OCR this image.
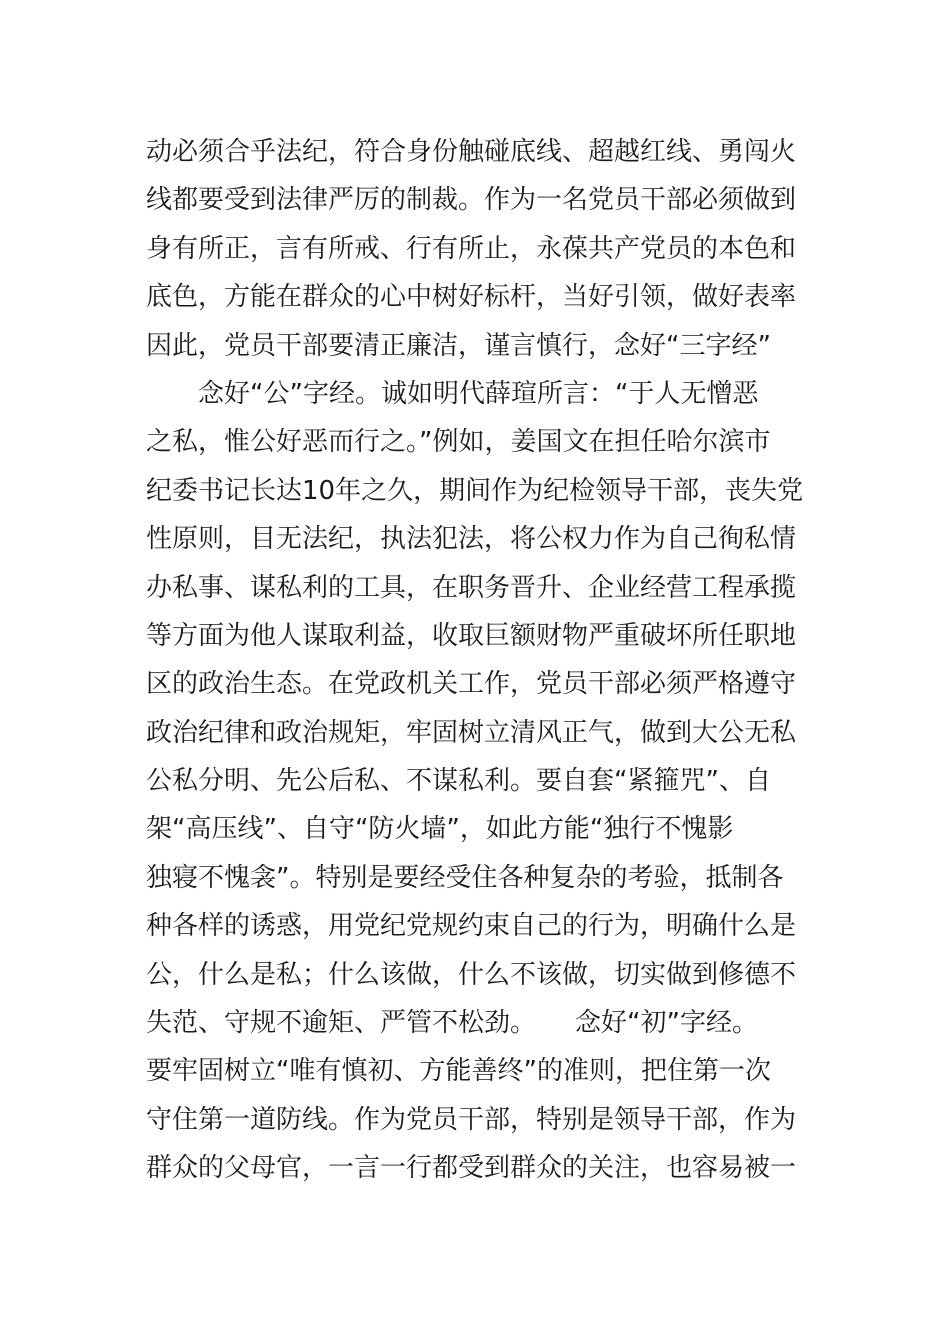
动必须合乎法纪，符合身份触碰底线、超越红线、勇闯火
线都要受到法律严厉的制裁。作为一名党员干部必须做到
身有所正，言有所戒、行有所止，永葆共产党员的本色和
底色，方能在群众的心中树好标杆，当好引领，做好表率
因此，党员干部要清正廉洁，谨言慎行，念好“三字经”
　　念好“公”字经。诚如明代薛瑄所言：“于人无憎恶
之私，惟公好恶而行之。”例如，姜国文在担任哈尔滨市
纪委书记长达10年之久，期间作为纪检领导干部，丧失党
性原则，目无法纪，执法犯法，将公权力作为自己徇私情
办私事、谋私利的工具，在职务晋升、企业经营工程承揽
等方面为他人谋取利益，收取巨额财物严重破坏所任职地
区的政治生态。在党政机关工作，党员干部必须严格遵守
政治纪律和政治规矩，牢固树立清风正气，做到大公无私
公私分明、先公后私、不谋私利。要自套“紧箍咒”、自
架“高压线”、自守“防火墙”，如此方能“独行不愧影
独寝不愧衾”。特别是要经受住各种复杂的考验，抵制各
种各样的诱惑，用党纪党规约束自己的行为，明确什么是
公，什么是私；什么该做，什么不该做，切实做到修德不
失范、守规不逾矩、严管不松劲。　　念好“初”字经。
要牢固树立“唯有慎初、方能善终”的准则，把住第一次
守住第一道防线。作为党员干部，特别是领导干部，作为
群众的父母官，一言一行都受到群众的关注，也容易被一
